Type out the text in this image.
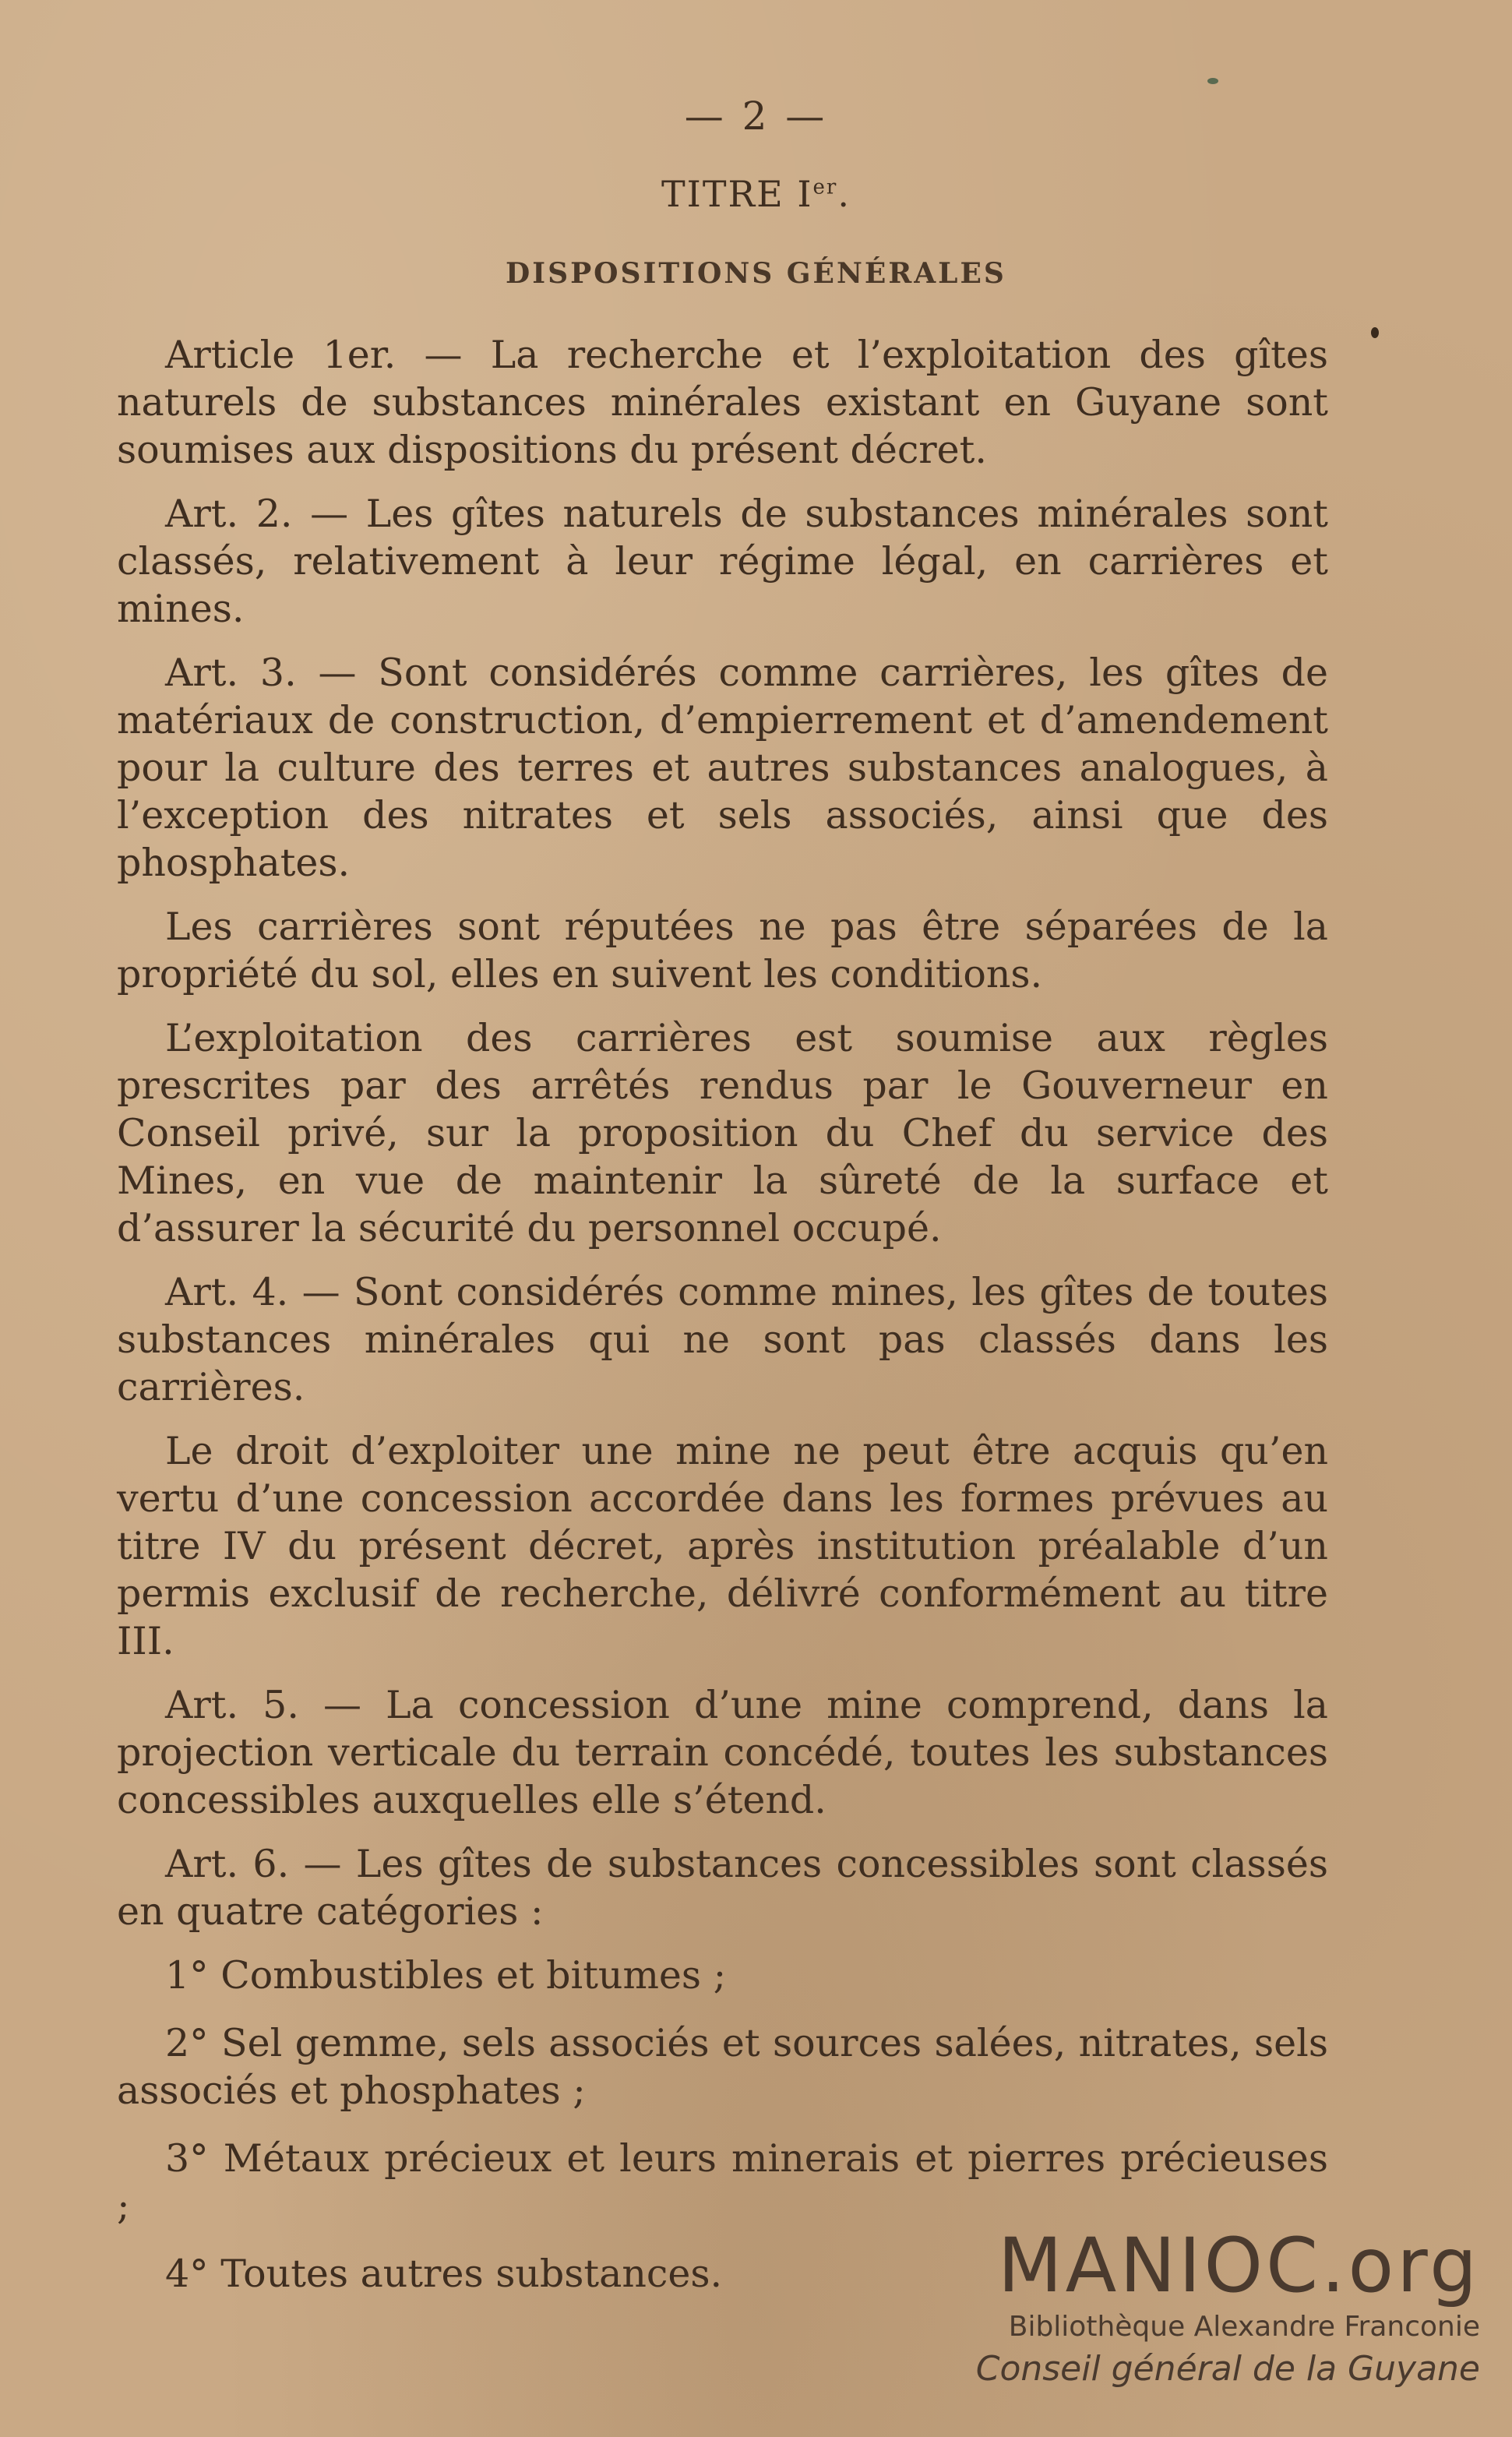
— 2 —
TITRE Ier.
DISPOSITIONS GÉNÉRALES

Article 1er. — La recherche et l’exploitation des gîtes naturels de substances minérales existant en Guyane sont soumises aux dispositions du présent décret.

Art. 2. — Les gîtes naturels de substances minérales sont classés, relativement à leur régime légal, en carrières et mines.

Art. 3. — Sont considérés comme carrières, les gîtes de matériaux de construction, d’empierrement et d’amendement pour la culture des terres et autres substances analogues, à l’exception des nitrates et sels associés, ainsi que des phosphates.

Les carrières sont réputées ne pas être séparées de la propriété du sol, elles en suivent les conditions.

L’exploitation des carrières est soumise aux règles prescrites par des arrêtés rendus par le Gouverneur en Conseil privé, sur la proposition du Chef du service des Mines, en vue de maintenir la sûreté de la surface et d’assurer la sécurité du personnel occupé.

Art. 4. — Sont considérés comme mines, les gîtes de toutes substances minérales qui ne sont pas classés dans les carrières.

Le droit d’exploiter une mine ne peut être acquis qu’en vertu d’une concession accordée dans les formes prévues au titre IV du présent décret, après institution préalable d’un permis exclusif de recherche, délivré conformément au titre III.

Art. 5. — La concession d’une mine comprend, dans la projection verticale du terrain concédé, toutes les substances concessibles auxquelles elle s’étend.

Art. 6. — Les gîtes de substances concessibles sont classés en quatre catégories :

1° Combustibles et bitumes ;

2° Sel gemme, sels associés et sources salées, nitrates, sels associés et phosphates ;

3° Métaux précieux et leurs minerais et pierres précieuses ;

4° Toutes autres substances.	MANIOC.org
Bibliothèque Alexandre Franconie
Conseil général de la Guyane
